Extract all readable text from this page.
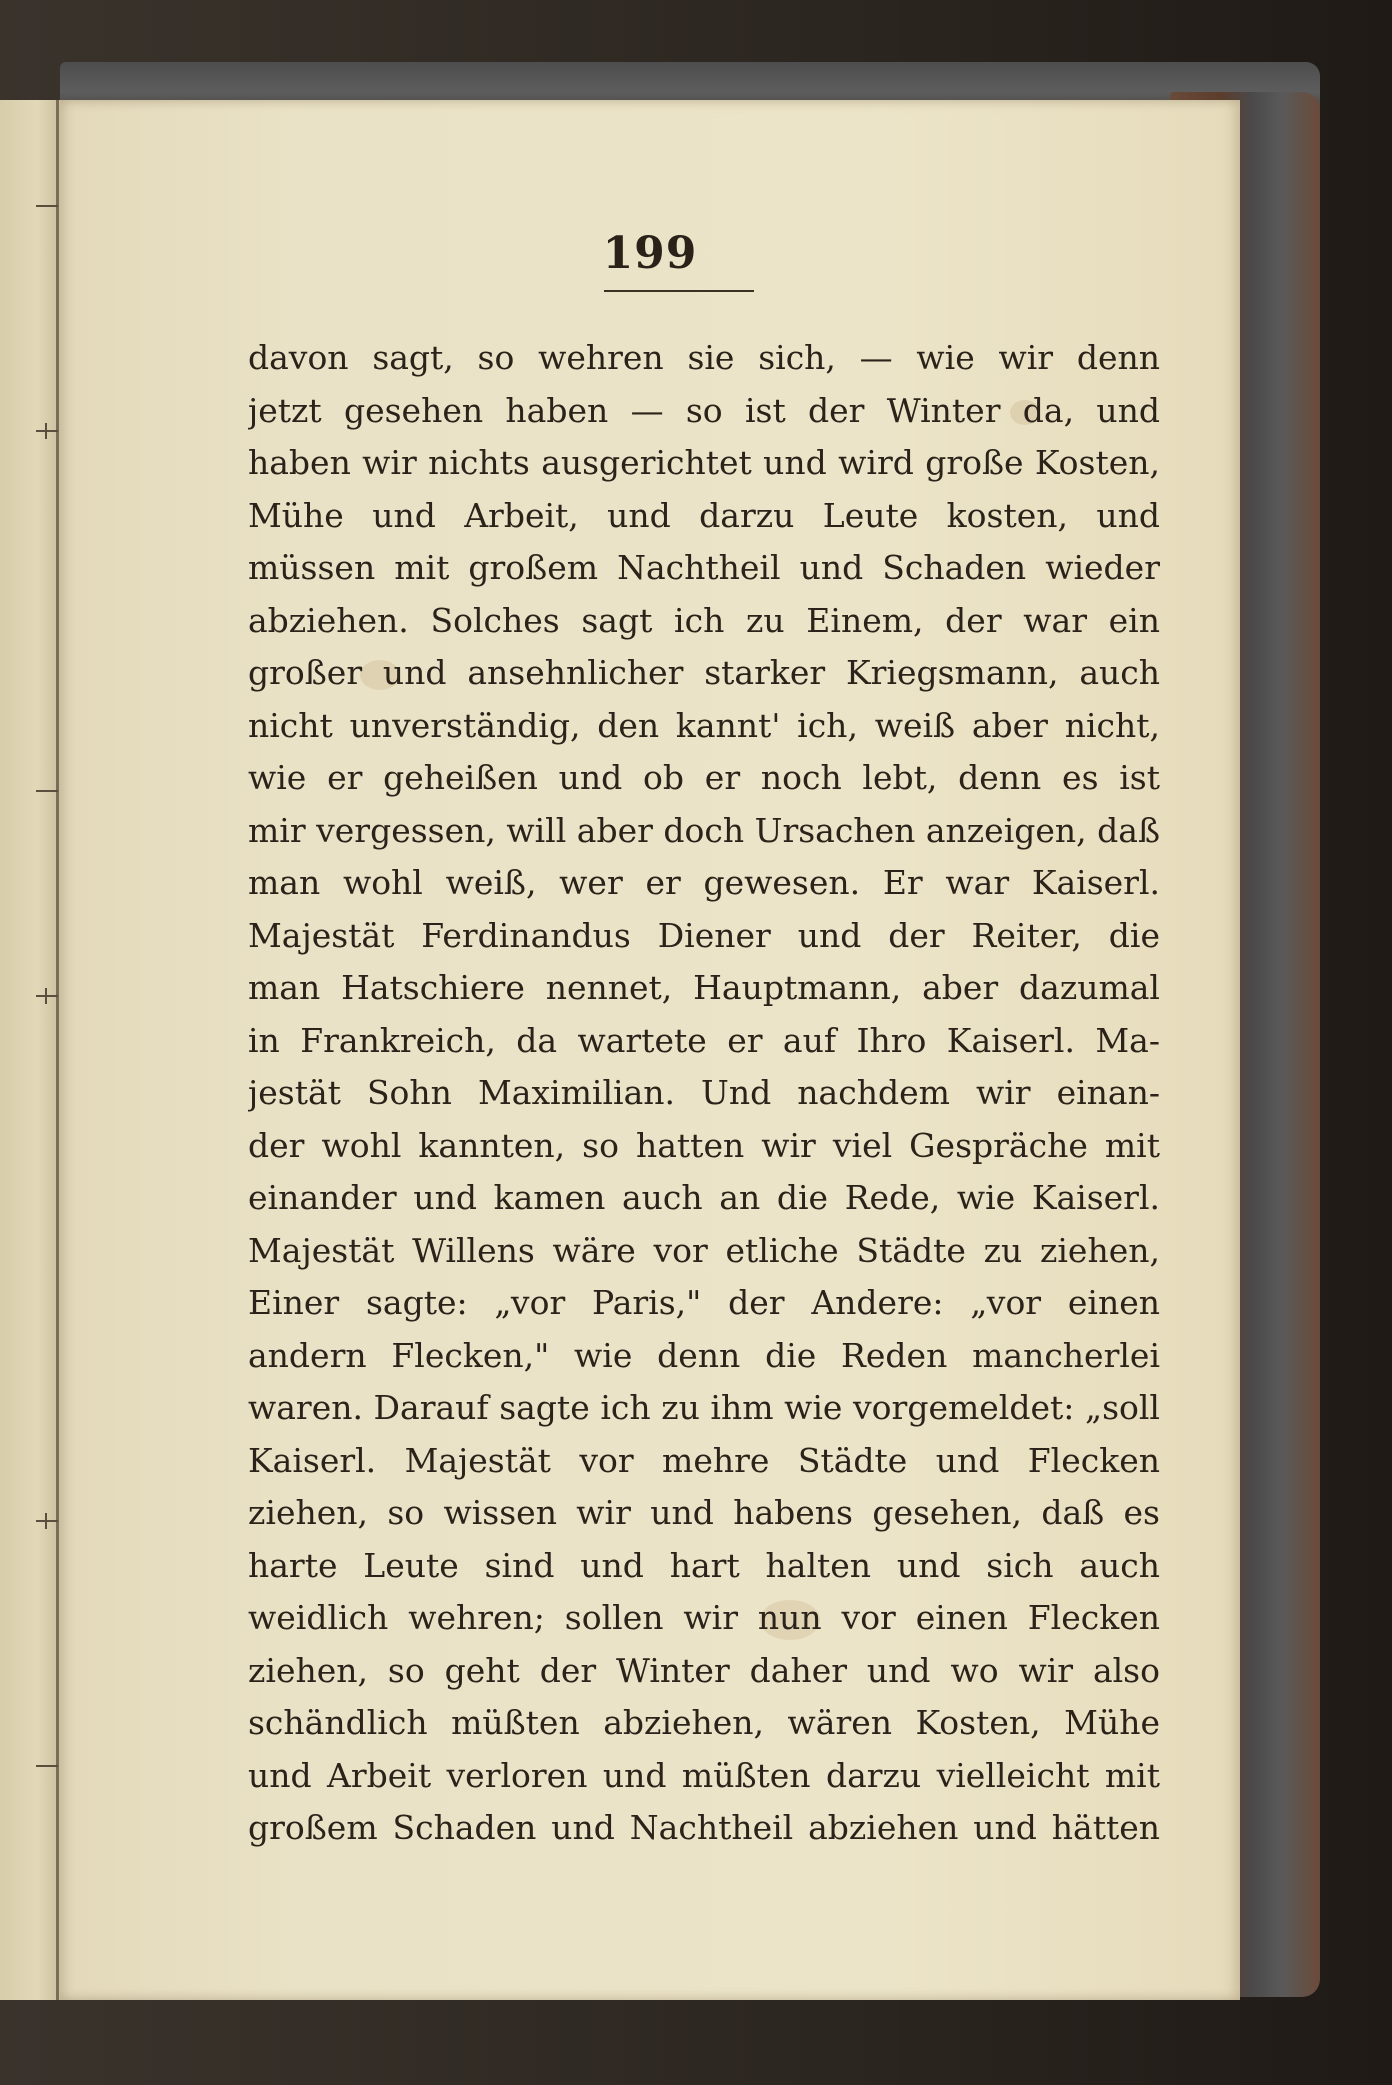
199
davon sagt, so wehren sie sich, — wie wir denn
jetzt gesehen haben — so ist der Winter da, und
haben wir nichts ausgerichtet und wird große Kosten,
Mühe und Arbeit, und darzu Leute kosten, und
müssen mit großem Nachtheil und Schaden wieder
abziehen. Solches sagt ich zu Einem, der war ein
großer und ansehnlicher starker Kriegsmann, auch
nicht unverständig, den kannt' ich, weiß aber nicht,
wie er geheißen und ob er noch lebt, denn es ist
mir vergessen, will aber doch Ursachen anzeigen, daß
man wohl weiß, wer er gewesen. Er war Kaiserl.
Majestät Ferdinandus Diener und der Reiter, die
man Hatschiere nennet, Hauptmann, aber dazumal
in Frankreich, da wartete er auf Ihro Kaiserl. Ma-
jestät Sohn Maximilian. Und nachdem wir einan-
der wohl kannten, so hatten wir viel Gespräche mit
einander und kamen auch an die Rede, wie Kaiserl.
Majestät Willens wäre vor etliche Städte zu ziehen,
Einer sagte: „vor Paris," der Andere: „vor einen
andern Flecken," wie denn die Reden mancherlei
waren. Darauf sagte ich zu ihm wie vorgemeldet: „soll
Kaiserl. Majestät vor mehre Städte und Flecken
ziehen, so wissen wir und habens gesehen, daß es
harte Leute sind und hart halten und sich auch
weidlich wehren; sollen wir nun vor einen Flecken
ziehen, so geht der Winter daher und wo wir also
schändlich müßten abziehen, wären Kosten, Mühe
und Arbeit verloren und müßten darzu vielleicht mit
großem Schaden und Nachtheil abziehen und hätten
